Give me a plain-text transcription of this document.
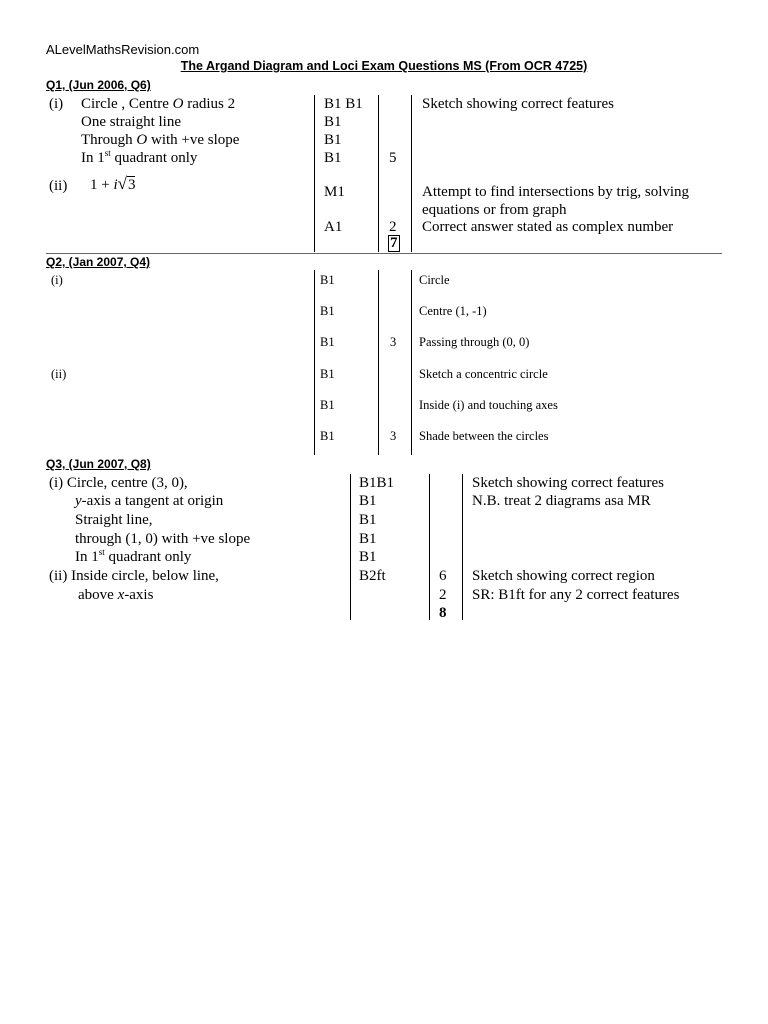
ALevelMathsRevision.com
The Argand Diagram and Loci Exam Questions MS (From OCR 4725)
Q1, (Jun 2006, Q6)
(i) Circle , Centre O radius 2
One straight line
Through O with +ve slope
In 1st quadrant only
(ii) 1 + i√3
B1 B1
B1
B1
B1
M1
A1
5
2
7
Sketch showing correct features
Attempt to find intersections by trig, solving
equations or from graph
Correct answer stated as complex number
Q2, (Jan 2007, Q4)
(i)
(ii)
B1
B1
B1
B1
B1
B1
3
3
Circle
Centre (1, -1)
Passing through (0, 0)
Sketch a concentric circle
Inside (i) and touching axes
Shade between the circles
Q3, (Jun 2007, Q8)
(i) Circle, centre (3, 0),
y-axis a tangent at origin
Straight line,
through (1, 0) with +ve slope
In 1st quadrant only
(ii) Inside circle, below line,
above x-axis
B1B1
B1
B1
B1
B1
B2ft	6
2
8
Sketch showing correct features
N.B. treat 2 diagrams asa MR
Sketch showing correct region
SR: B1ft for any 2 correct features
